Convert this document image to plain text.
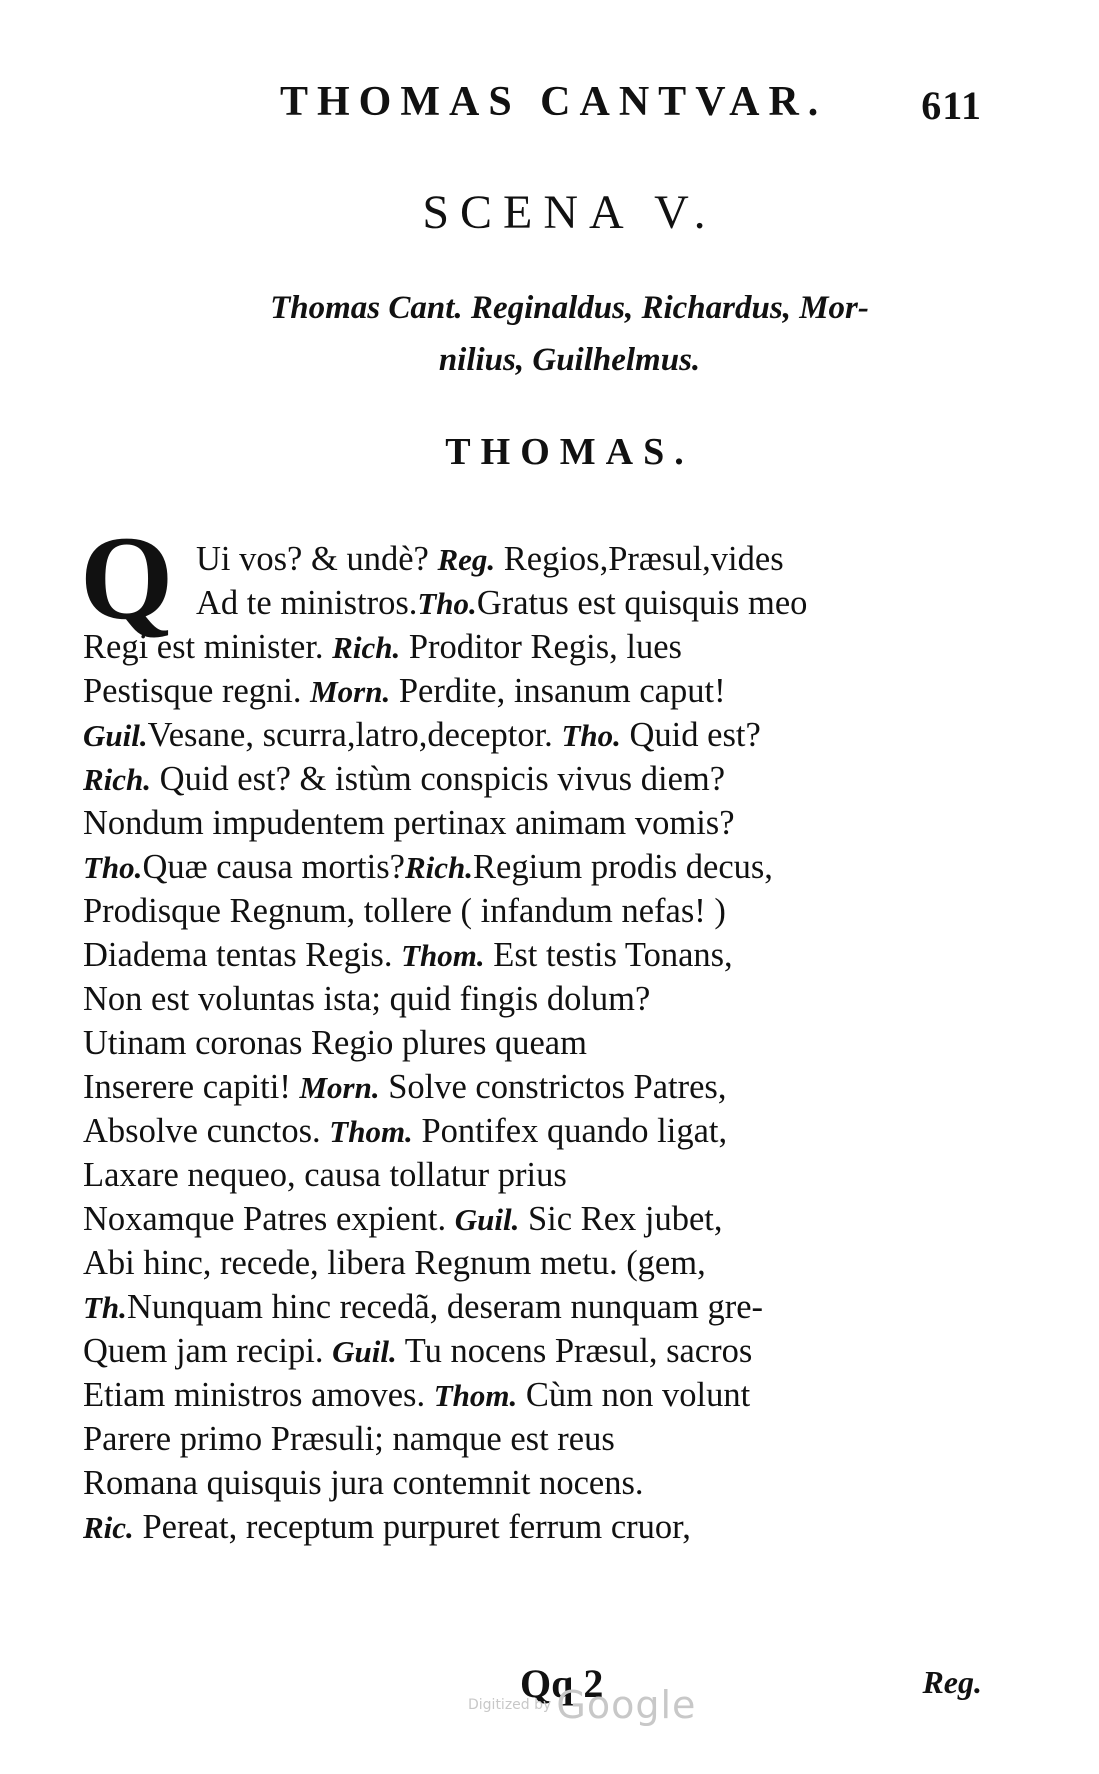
THOMAS CANTVAR. 611
SCENA V.
Thomas Cant. Reginaldus, Richardus, Mor-
nilius, Guilhelmus.
THOMAS.
Q Ui vos? & undè? Reg. Regios,Præsul,vides
Ad te ministros.Tho.Gratus est quisquis meo
Regi est minister. Rich. Proditor Regis, lues
Pestisque regni. Morn. Perdite, insanum caput!
Guil.Vesane, scurra,latro,deceptor. Tho. Quid est?
Rich. Quid est? & istùm conspicis vivus diem?
Nondum impudentem pertinax animam vomis?
Tho.Quæ causa mortis?Rich.Regium prodis decus,
Prodisque Regnum, tollere ( infandum nefas! )
Diadema tentas Regis. Thom. Est testis Tonans,
Non est voluntas ista; quid fingis dolum?
Utinam coronas Regio plures queam
Inserere capiti! Morn. Solve constrictos Patres,
Absolve cunctos. Thom. Pontifex quando ligat,
Laxare nequeo, causa tollatur prius
Noxamque Patres expient. Guil. Sic Rex jubet,
Abi hinc, recede, libera Regnum metu. (gem,
Th.Nunquam hinc recedã, deseram nunquam gre-
Quem jam recipi. Guil. Tu nocens Præsul, sacros
Etiam ministros amoves. Thom. Cùm non volunt
Parere primo Præsuli; namque est reus
Romana quisquis jura contemnit nocens.
Ric. Pereat, receptum purpuret ferrum cruor,
Qq 2	Reg.
Digitized by Google
